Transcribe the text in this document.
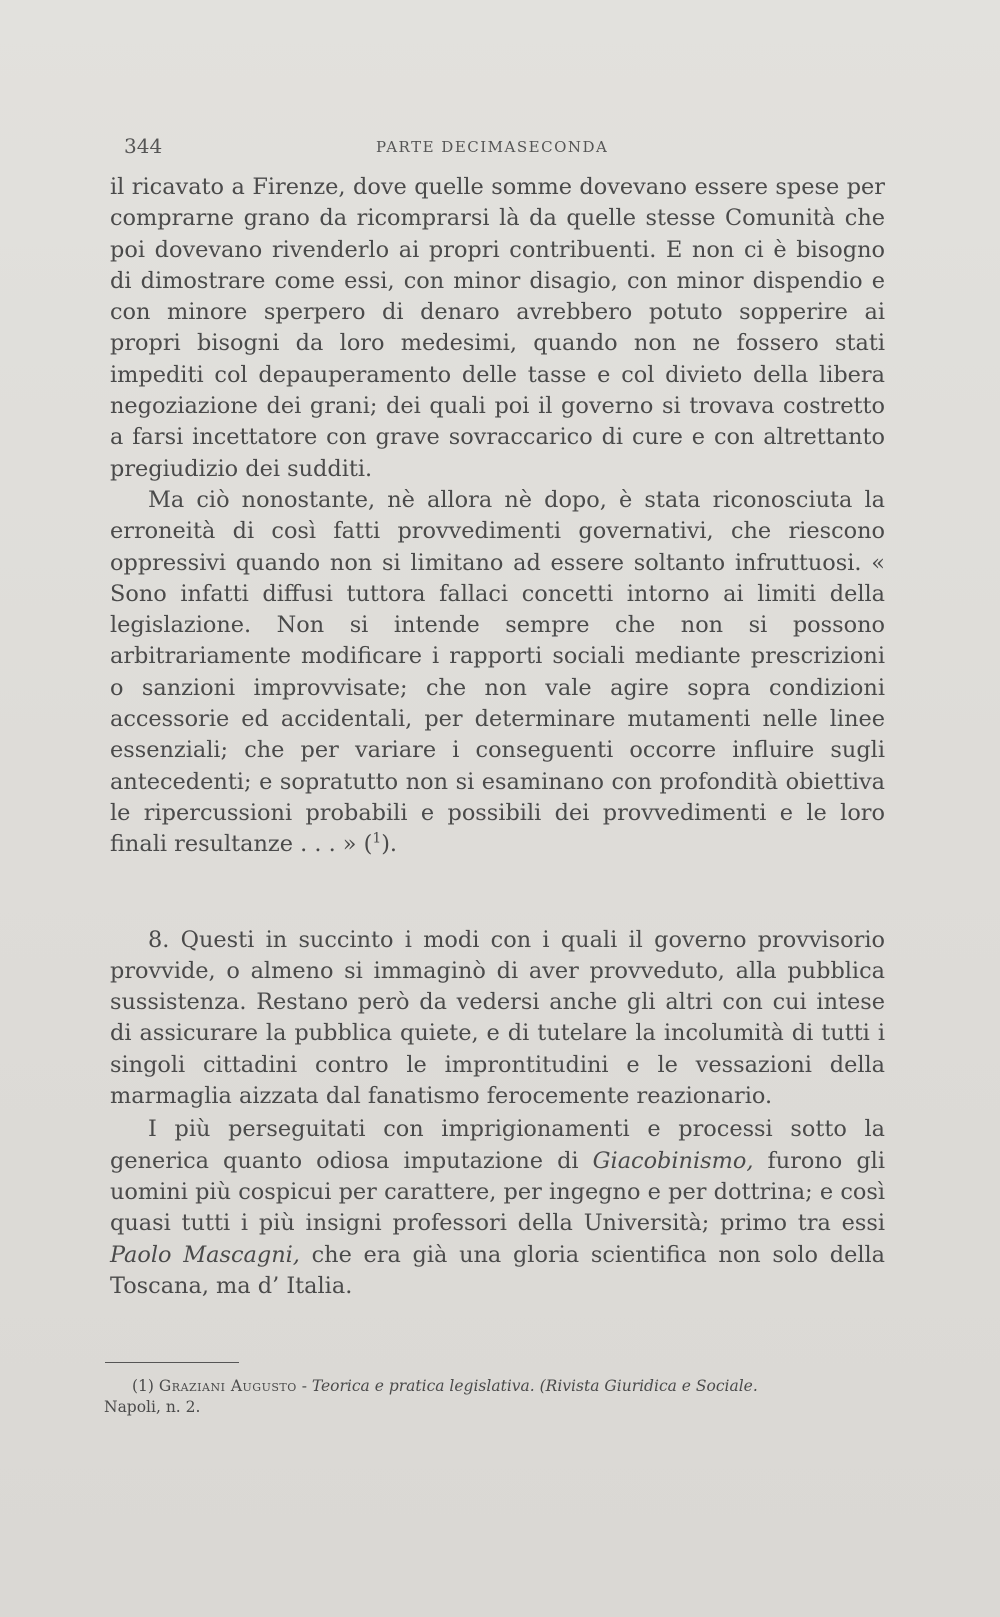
344	PARTE DECIMASECONDA

il ricavato a Firenze, dove quelle somme dovevano essere spese per comprarne grano da ricomprarsi là da quelle stesse Comunità che poi dovevano rivenderlo ai propri contribuenti. E non ci è bisogno di dimostrare come essi, con minor disagio, con minor dispendio e con minore sperpero di denaro avrebbero potuto sopperire ai propri bisogni da loro medesimi, quando non ne fossero stati impediti col depauperamento delle tasse e col divieto della libera negoziazione dei grani; dei quali poi il governo si trovava costretto a farsi incettatore con grave sovraccarico di cure e con altrettanto pregiudizio dei sudditi.

Ma ciò nonostante, nè allora nè dopo, è stata riconosciuta la erroneità di così fatti provvedimenti governativi, che riescono oppressivi quando non si limitano ad essere soltanto infruttuosi. « Sono infatti diffusi tuttora fallaci concetti intorno ai limiti della legislazione. Non si intende sempre che non si possono arbitrariamente modificare i rapporti sociali mediante prescrizioni o sanzioni improvvisate; che non vale agire sopra condizioni accessorie ed accidentali, per determinare mutamenti nelle linee essenziali; che per variare i conseguenti occorre influire sugli antecedenti; e sopratutto non si esaminano con profondità obiettiva le ripercussioni probabili e possibili dei provvedimenti e le loro finali resultanze . . . » ($^1$).

8. Questi in succinto i modi con i quali il governo provvisorio provvide, o almeno si immaginò di aver provveduto, alla pubblica sussistenza. Restano però da vedersi anche gli altri con cui intese di assicurare la pubblica quiete, e di tutelare la incolumità di tutti i singoli cittadini contro le improntitudini e le vessazioni della marmaglia aizzata dal fanatismo ferocemente reazionario.

I più perseguitati con imprigionamenti e processi sotto la generica quanto odiosa imputazione di Giacobinismo, furono gli uomini più cospicui per carattere, per ingegno e per dottrina; e così quasi tutti i più insigni professori della Università; primo tra essi Paolo Mascagni, che era già una gloria scientifica non solo della Toscana, ma d’ Italia.

(1) Graziani Augusto - Teorica e pratica legislativa. (Rivista Giuridica e Sociale.
Napoli, n. 2.
